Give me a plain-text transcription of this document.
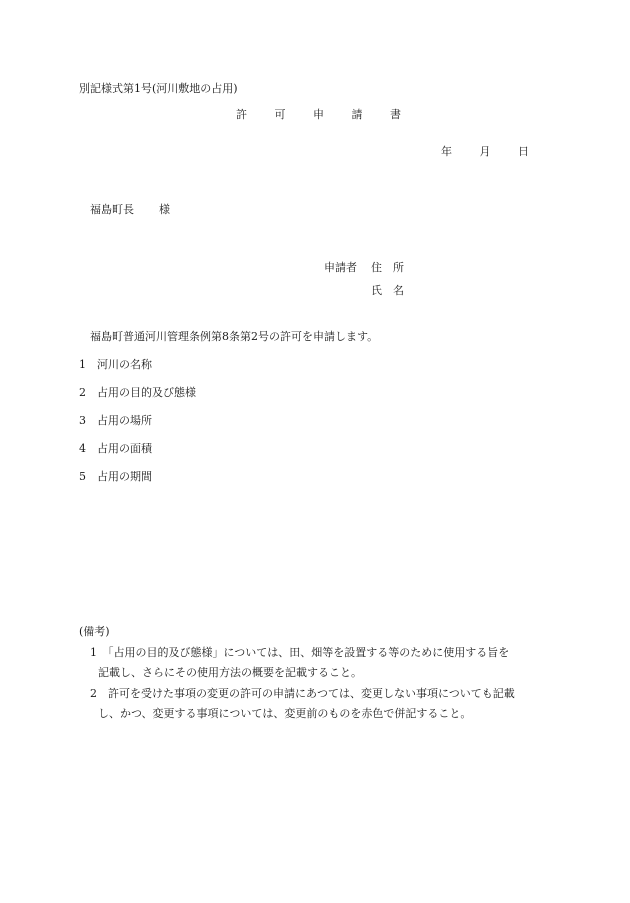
別記様式第1号(河川敷地の占用)
許	可	申	請	書
年	月	日
福島町長 様
申請者 住　所
氏　名
福島町普通河川管理条例第8条第2号の許可を申請します。
1 河川の名称
2 占用の目的及び態様
3 占用の場所
4 占用の面積
5 占用の期間
(備考)
1　 「占用の目的及び態様」については、田、畑等を設置する等のために使用する旨を
記載し、さらにその使用方法の概要を記載すること。
2　 許可を受けた事項の変更の許可の申請にあつては、変更しない事項についても記載
し、かつ、変更する事項については、変更前のものを赤色で併記すること。
